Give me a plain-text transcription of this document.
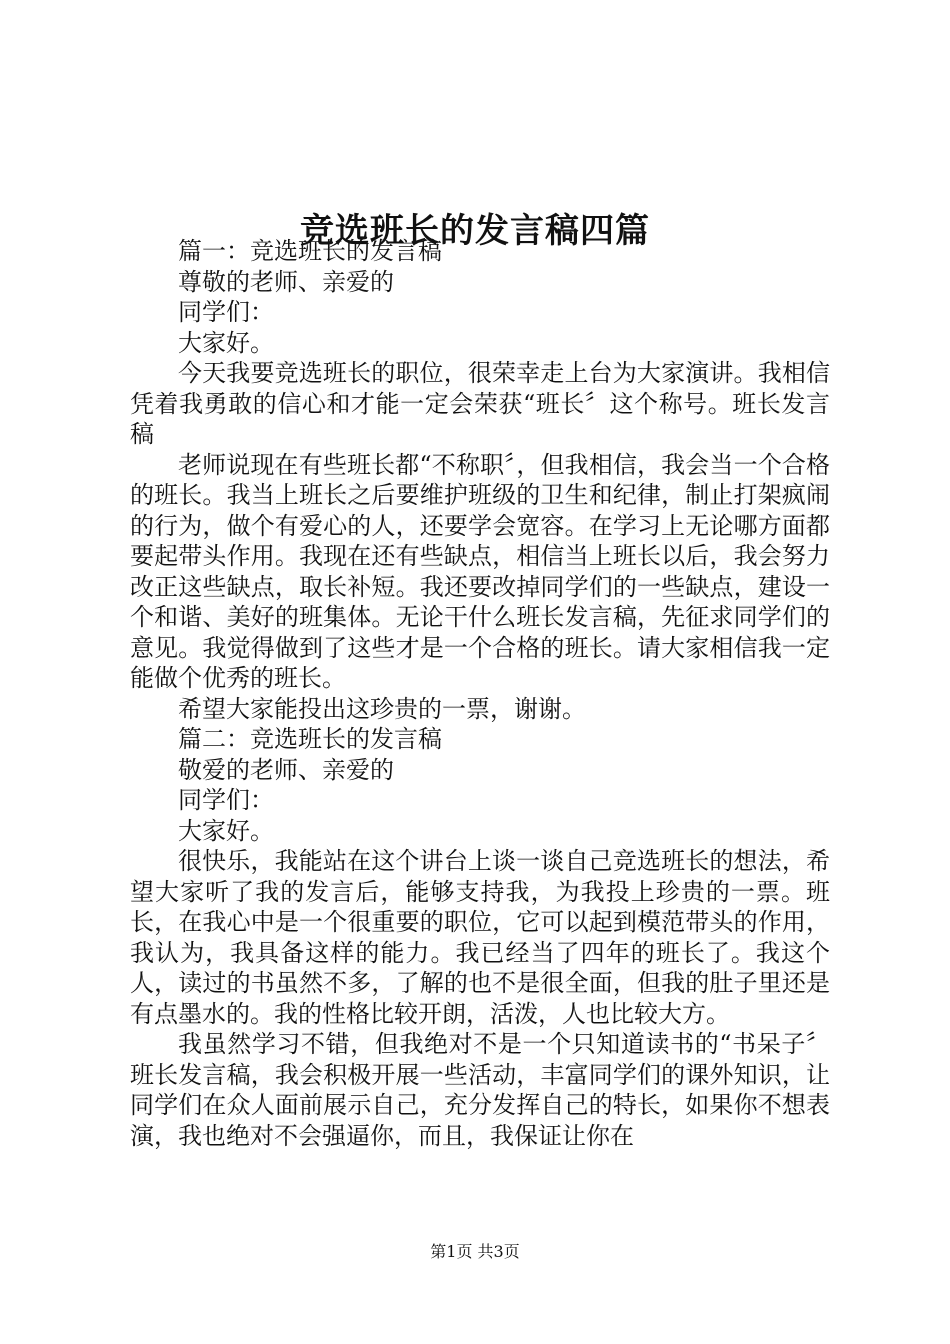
竞选班长的发言稿四篇

篇一：竞选班长的发言稿

尊敬的老师、亲爱的

同学们：

大家好。

今天我要竞选班长的职位，很荣幸走上台为大家演讲。我相信凭着我勇敢的信心和才能一定会荣获“班长〞这个称号。班长发言稿

老师说现在有些班长都“不称职〞，但我相信，我会当一个合格的班长。我当上班长之后要维护班级的卫生和纪律，制止打架疯闹的行为，做个有爱心的人，还要学会宽容。在学习上无论哪方面都要起带头作用。我现在还有些缺点，相信当上班长以后，我会努力改正这些缺点，取长补短。我还要改掉同学们的一些缺点，建设一个和谐、美好的班集体。无论干什么班长发言稿，先征求同学们的意见。我觉得做到了这些才是一个合格的班长。请大家相信我一定能做个优秀的班长。

希望大家能投出这珍贵的一票，谢谢。

篇二：竞选班长的发言稿

敬爱的老师、亲爱的

同学们：

大家好。

很快乐，我能站在这个讲台上谈一谈自己竞选班长的想法，希望大家听了我的发言后，能够支持我，为我投上珍贵的一票。班长，在我心中是一个很重要的职位，它可以起到模范带头的作用，我认为，我具备这样的能力。我已经当了四年的班长了。我这个人，读过的书虽然不多，了解的也不是很全面，但我的肚子里还是有点墨水的。我的性格比较开朗，活泼，人也比较大方。

我虽然学习不错，但我绝对不是一个只知道读书的“书呆子〞班长发言稿，我会积极开展一些活动，丰富同学们的课外知识，让同学们在众人面前展示自己，充分发挥自己的特长，如果你不想表演，我也绝对不会强逼你，而且，我保证让你在

第1页 共3页
